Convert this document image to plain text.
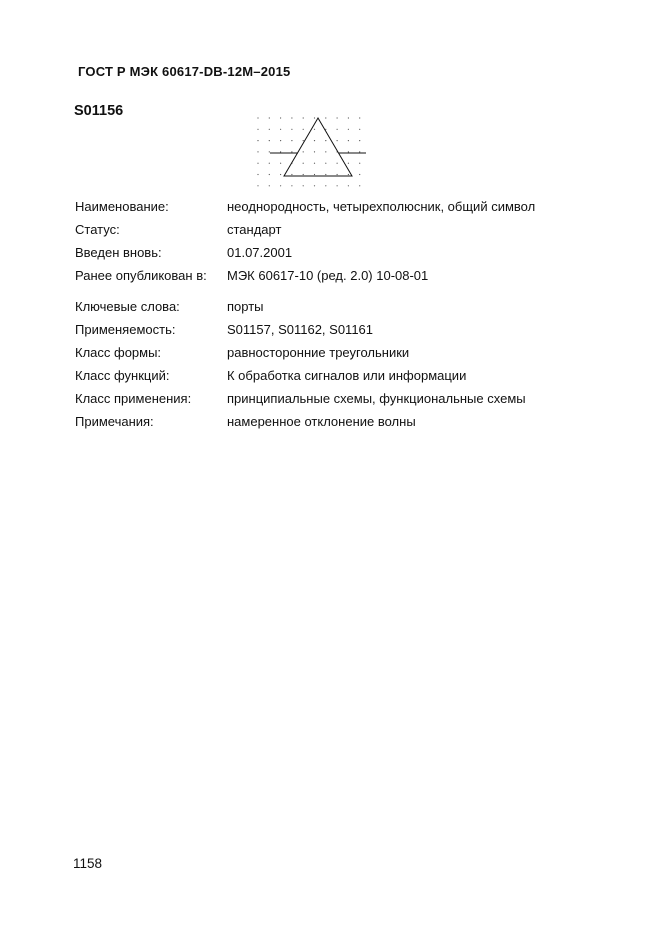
ГОСТ Р МЭК 60617-DB-12M–2015
S01156
Наименование:	неоднородность, четырехполюсник, общий символ
Статус:	стандарт
Введен вновь:	01.07.2001
Ранее опубликован в: МЭК 60617-10 (ред. 2.0) 10-08-01
Ключевые слова:	порты
Применяемость:	S01157, S01162, S01161
Класс формы:	равносторонние треугольники
Класс функций:	К обработка сигналов или информации
Класс применения:	принципиальные схемы, функциональные схемы
Примечания:	намеренное отклонение волны
1158
